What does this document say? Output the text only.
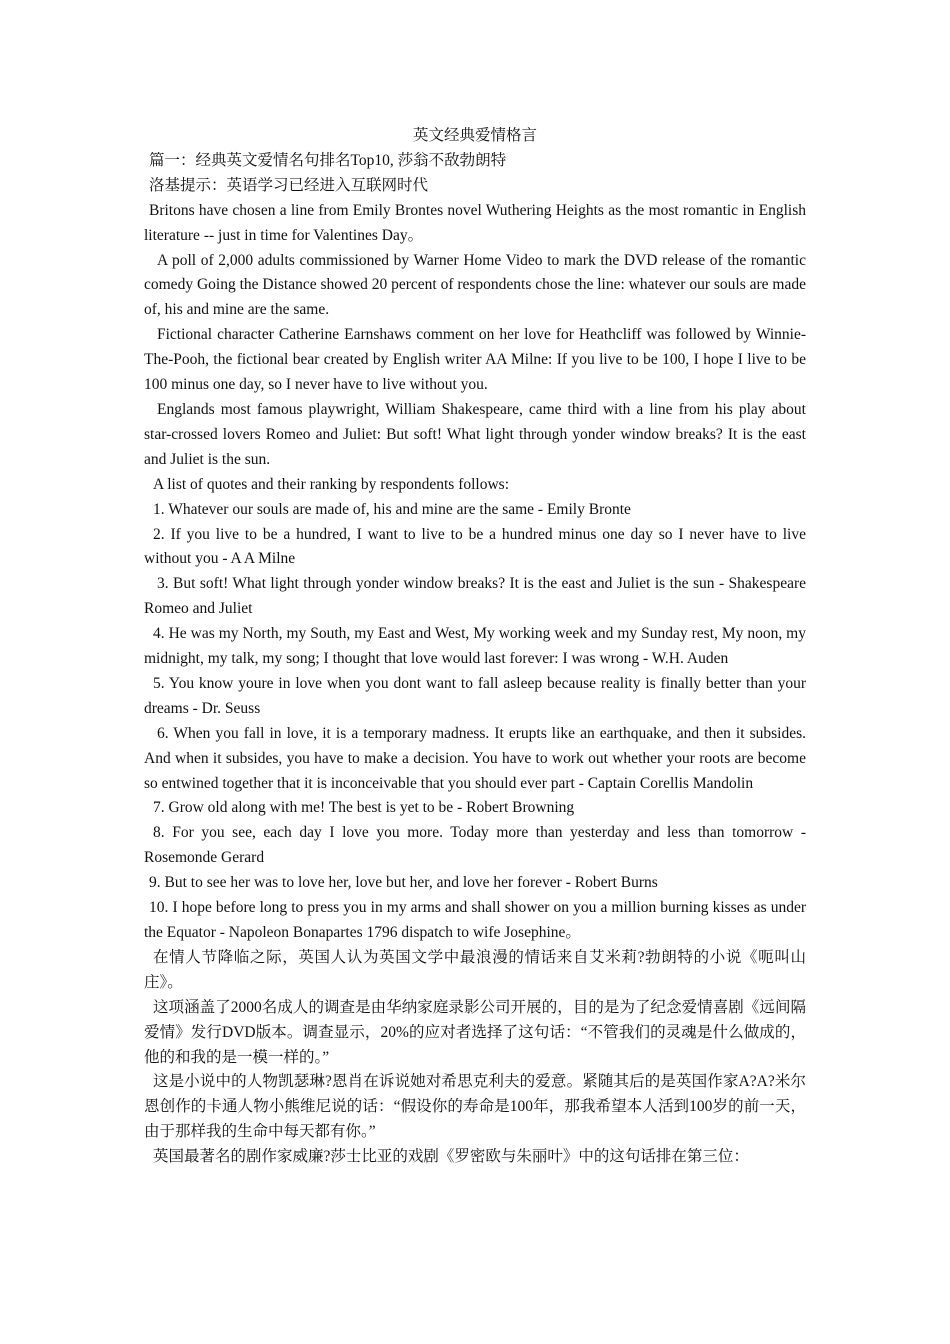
英文经典爱情格言

篇一：经典英文爱情名句排名Top10, 莎翁不敌勃朗特

洛基提示：英语学习已经进入互联网时代

Britons have chosen a line from Emily Brontes novel Wuthering Heights as the most romantic in English literature -- just in time for Valentines Day。

A poll of 2,000 adults commissioned by Warner Home Video to mark the DVD release of the romantic comedy Going the Distance showed 20 percent of respondents chose the line: whatever our souls are made of, his and mine are the same.

Fictional character Catherine Earnshaws comment on her love for Heathcliff was followed by Winnie-The-Pooh, the fictional bear created by English writer AA Milne: If you live to be 100, I hope I live to be 100 minus one day, so I never have to live without you.

Englands most famous playwright, William Shakespeare, came third with a line from his play about star-crossed lovers Romeo and Juliet: But soft! What light through yonder window breaks? It is the east and Juliet is the sun.

A list of quotes and their ranking by respondents follows:

1. Whatever our souls are made of, his and mine are the same - Emily Bronte

2. If you live to be a hundred, I want to live to be a hundred minus one day so I never have to live without you - A A Milne

3. But soft! What light through yonder window breaks? It is the east and Juliet is the sun - Shakespeare Romeo and Juliet

4. He was my North, my South, my East and West, My working week and my Sunday rest, My noon, my midnight, my talk, my song; I thought that love would last forever: I was wrong - W.H. Auden

5. You know youre in love when you dont want to fall asleep because reality is finally better than your dreams - Dr. Seuss

6. When you fall in love, it is a temporary madness. It erupts like an earthquake, and then it subsides. And when it subsides, you have to make a decision. You have to work out whether your roots are become so entwined together that it is inconceivable that you should ever part - Captain Corellis Mandolin

7. Grow old along with me! The best is yet to be - Robert Browning

8. For you see, each day I love you more. Today more than yesterday and less than tomorrow - Rosemonde Gerard

9. But to see her was to love her, love but her, and love her forever - Robert Burns

10. I hope before long to press you in my arms and shall shower on you a million burning kisses as under the Equator - Napoleon Bonapartes 1796 dispatch to wife Josephine。

在情人节降临之际，英国人认为英国文学中最浪漫的情话来自艾米莉?勃朗特的小说《呃叫山庄》。

这项涵盖了2000名成人的调查是由华纳家庭录影公司开展的，目的是为了纪念爱情喜剧《远间隔爱情》发行DVD版本。调查显示，20%的应对者选择了这句话：“不管我们的灵魂是什么做成的，他的和我的是一模一样的。”

这是小说中的人物凯瑟琳?恩肖在诉说她对希思克利夫的爱意。紧随其后的是英国作家A?A?米尔恩创作的卡通人物小熊维尼说的话：“假设你的寿命是100年，那我希望本人活到100岁的前一天，由于那样我的生命中每天都有你。”

英国最著名的剧作家威廉?莎士比亚的戏剧《罗密欧与朱丽叶》中的这句话排在第三位：
